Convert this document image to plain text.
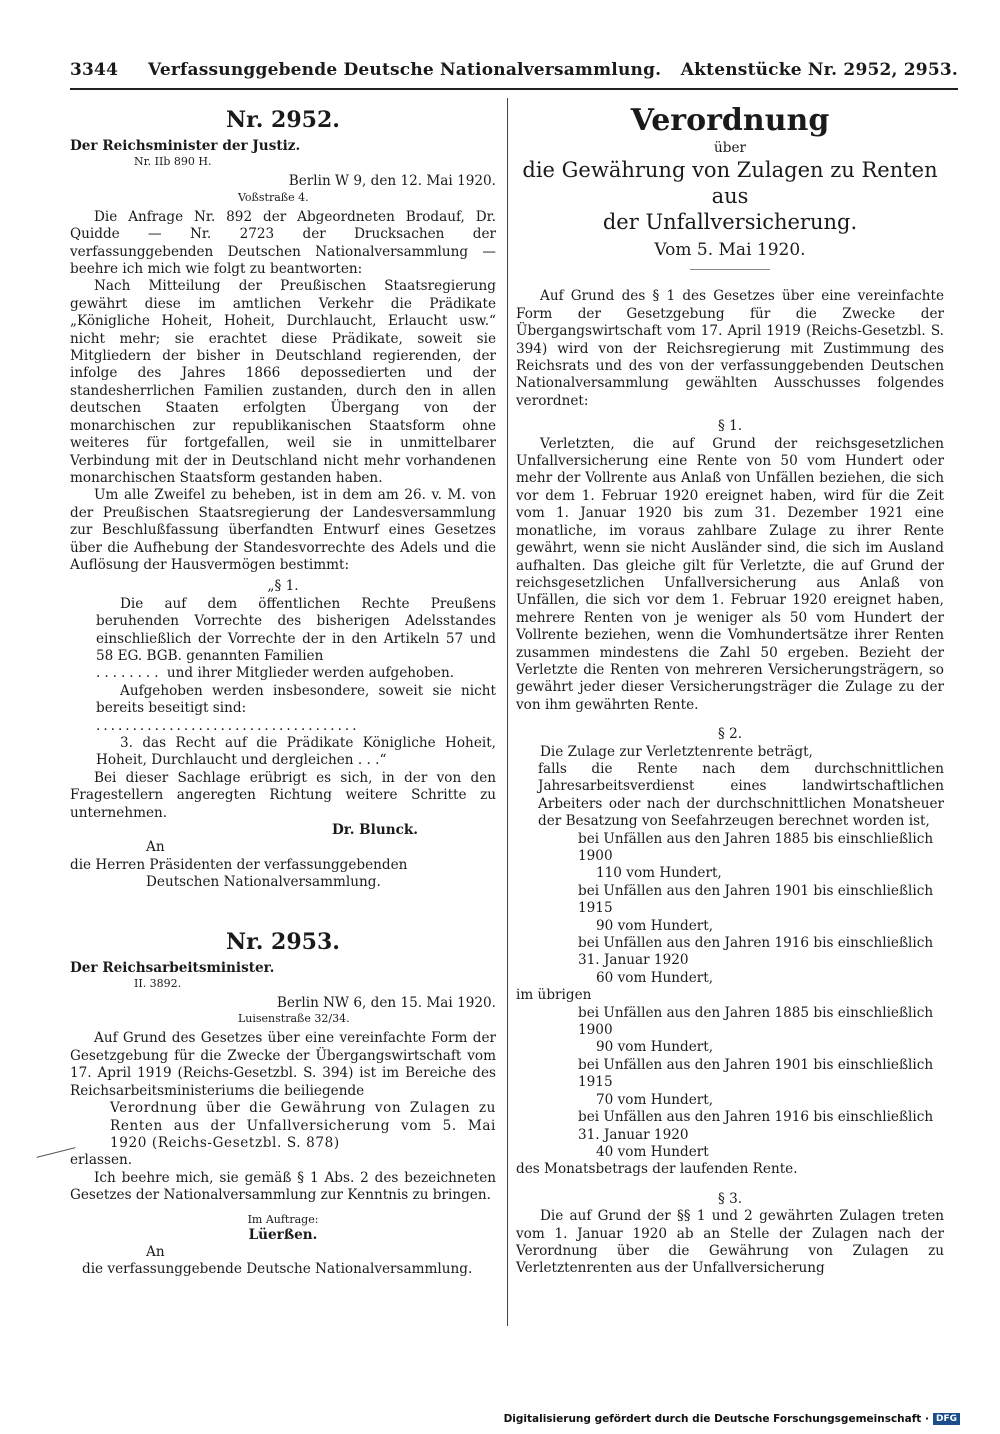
3344 Verfassunggebende Deutsche Nationalversammlung. Aktenstücke Nr. 2952, 2953.

Nr. 2952.

Der Reichsminister der Justiz.

Nr. IIb 890 H.

Berlin W 9, den 12. Mai 1920.

Voßstraße 4.

Die Anfrage Nr. 892 der Abgeordneten Brodauf, Dr. Quidde — Nr. 2723 der Drucksachen der verfassunggebenden Deutschen Nationalversammlung — beehre ich mich wie folgt zu beantworten:

Nach Mitteilung der Preußischen Staatsregierung gewährt diese im amtlichen Verkehr die Prädikate „Königliche Hoheit, Hoheit, Durchlaucht, Erlaucht usw.“ nicht mehr; sie erachtet diese Prädikate, soweit sie Mitgliedern der bisher in Deutschland regierenden, der infolge des Jahres 1866 depossedierten und der standesherrlichen Familien zustanden, durch den in allen deutschen Staaten erfolgten Übergang von der monarchischen zur republikanischen Staatsform ohne weiteres für fortgefallen, weil sie in unmittelbarer Verbindung mit der in Deutschland nicht mehr vorhandenen monarchischen Staatsform gestanden haben.

Um alle Zweifel zu beheben, ist in dem am 26. v. M. von der Preußischen Staatsregierung der Landesversammlung zur Beschlußfassung überfandten Entwurf eines Gesetzes über die Aufhebung der Standesvorrechte des Adels und die Auflösung der Hausvermögen bestimmt:

„§ 1.

Die auf dem öffentlichen Rechte Preußens beruhenden Vorrechte des bisherigen Adelsstandes einschließlich der Vorrechte der in den Artikeln 57 und 58 EG. BGB. genannten Familien

........ und ihrer Mitglieder werden aufgehoben.

Aufgehoben werden insbesondere, soweit sie nicht bereits beseitigt sind:

....................................

3. das Recht auf die Prädikate Königliche Hoheit, Hoheit, Durchlaucht und dergleichen . . .“

Bei dieser Sachlage erübrigt es sich, in der von den Fragestellern angeregten Richtung weitere Schritte zu unternehmen.

Dr. Blunck.

An

die Herren Präsidenten der verfassunggebenden

Deutschen Nationalversammlung.

Nr. 2953.

Der Reichsarbeitsminister.

II. 3892.

Berlin NW 6, den 15. Mai 1920.

Luisenstraße 32/34.

Auf Grund des Gesetzes über eine vereinfachte Form der Gesetzgebung für die Zwecke der Übergangswirtschaft vom 17. April 1919 (Reichs-Gesetzbl. S. 394) ist im Bereiche des Reichsarbeitsministeriums die beiliegende

Verordnung über die Gewährung von Zulagen zu Renten aus der Unfallversicherung vom 5. Mai 1920 (Reichs-Gesetzbl. S. 878)

erlassen.

Ich beehre mich, sie gemäß § 1 Abs. 2 des bezeichneten Gesetzes der Nationalversammlung zur Kenntnis zu bringen.

Im Auftrage:

Lüerßen.

An

die verfassunggebende Deutsche Nationalversammlung.

Verordnung

über

die Gewährung von Zulagen zu Renten aus

der Unfallversicherung.

Vom 5. Mai 1920.

Auf Grund des § 1 des Gesetzes über eine vereinfachte Form der Gesetzgebung für die Zwecke der Übergangswirtschaft vom 17. April 1919 (Reichs-Gesetzbl. S. 394) wird von der Reichsregierung mit Zustimmung des Reichsrats und des von der verfassunggebenden Deutschen Nationalversammlung gewählten Ausschusses folgendes verordnet:

§ 1.

Verletzten, die auf Grund der reichsgesetzlichen Unfallversicherung eine Rente von 50 vom Hundert oder mehr der Vollrente aus Anlaß von Unfällen beziehen, die sich vor dem 1. Februar 1920 ereignet haben, wird für die Zeit vom 1. Januar 1920 bis zum 31. Dezember 1921 eine monatliche, im voraus zahlbare Zulage zu ihrer Rente gewährt, wenn sie nicht Ausländer sind, die sich im Ausland aufhalten. Das gleiche gilt für Verletzte, die auf Grund der reichsgesetzlichen Unfallversicherung aus Anlaß von Unfällen, die sich vor dem 1. Februar 1920 ereignet haben, mehrere Renten von je weniger als 50 vom Hundert der Vollrente beziehen, wenn die Vomhundertsätze ihrer Renten zusammen mindestens die Zahl 50 ergeben. Bezieht der Verletzte die Renten von mehreren Versicherungsträgern, so gewährt jeder dieser Versicherungsträger die Zulage zu der von ihm gewährten Rente.

§ 2.

Die Zulage zur Verletztenrente beträgt,

falls die Rente nach dem durchschnittlichen Jahresarbeitsverdienst eines landwirtschaftlichen Arbeiters oder nach der durchschnittlichen Monatsheuer der Besatzung von Seefahrzeugen berechnet worden ist,

bei Unfällen aus den Jahren 1885 bis einschließlich 1900

110 vom Hundert,

bei Unfällen aus den Jahren 1901 bis einschließlich 1915

90 vom Hundert,

bei Unfällen aus den Jahren 1916 bis einschließlich 31. Januar 1920

60 vom Hundert,

im übrigen

bei Unfällen aus den Jahren 1885 bis einschließlich 1900

90 vom Hundert,

bei Unfällen aus den Jahren 1901 bis einschließlich 1915

70 vom Hundert,

bei Unfällen aus den Jahren 1916 bis einschließlich 31. Januar 1920

40 vom Hundert

des Monatsbetrags der laufenden Rente.

§ 3.

Die auf Grund der §§ 1 und 2 gewährten Zulagen treten vom 1. Januar 1920 ab an Stelle der Zulagen nach der Verordnung über die Gewährung von Zulagen zu Verletztenrenten aus der Unfallversicherung

Digitalisierung gefördert durch die Deutsche Forschungsgemeinschaft · DFG
